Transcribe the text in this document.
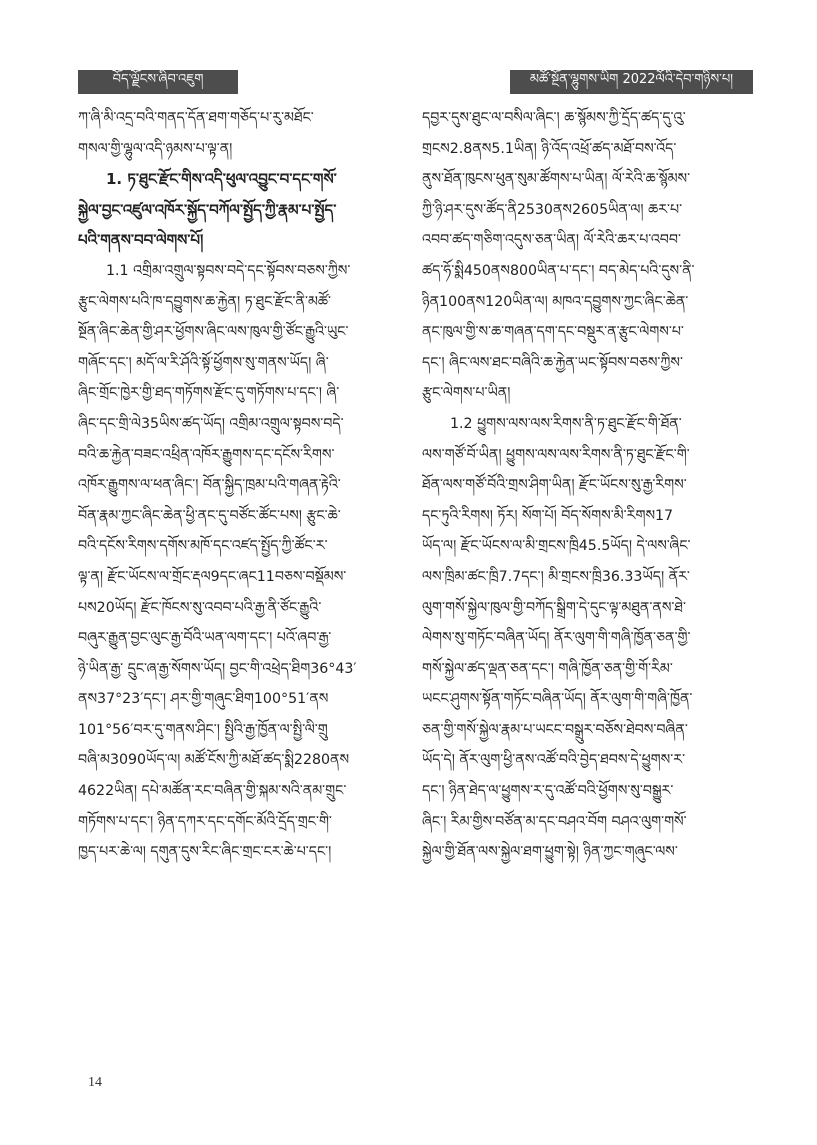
བོད་ལྗོངས་ཞིབ་འཇུག	མཚོ་སྔོན་ལྷུགས་ཡིག 2022ལོའི་དེབ་གཉིས་པ།
ཀ་ཞི་མི་འདྲ་བའི་གནད་དོན་ཐག་གཅོད་པ་རུ་མཐོང་
གསལ་གྱི་ལྷུལ་འདི་ཉམས་པ་ལྟ་ན།
1. ཏ་ཐུང་རྫོང་གིས་འདི་ཕུལ་འབྱུང་བ་དང་གསོ་
སྐྱེལ་བྱང་འཛུལ་འཁོར་སྐྱོད་བཀོལ་སྤྱོད་ཀྱི་རྣམ་པ་སྤྱོད་
པའི་གནས་བབ་ལེགས་པོ།
1.1 འགྲིམ་འགྲུལ་སྟབས་བདེ་དང་སྟོབས་བཅས་ཀྱིས་
རྩུང་ལེགས་པའི་ཁ་དབྱུགས་ཆ་རྐྱེན། ཏ་ཐུང་རྫོང་ནི་མཚོ་
སྔོན་ཞིང་ཆེན་གྱི་ཤར་ཕྱོགས་ཞིང་ལས་ཁུལ་གྱི་ཙོང་རྒྱུའི་ཡུང་
གཞོང་དང་། མདོ་ལ་རི་ཤོའི་སྟོ་ཕྱོགས་སུ་གནས་ཡོད། ཞི་
ཞིང་གྲོང་ཁྱེར་གྱི་ཐད་གཏོགས་རྫོང་དུ་གཏོགས་པ་དང་། ཞི་
ཞིང་དང་གྲི་ལེ35ཡིས་ཚད་ཡོད། འགྲིམ་འགྲུལ་སྟབས་བདེ་
བའི་ཆ་རྐྱེན་བཟང་འཕྲིན་འཁོར་རྒྱུགས་དང་དངོས་རིགས་
འཁོར་རྒྱུགས་ལ་ཕན་ཞིང་། བོན་སྐྱིད་ཁྲམ་པའི་གཞན་རྟེའི་
བོན་རྣམ་ཀྱང་ཞིང་ཆེན་ཕྱི་ནང་དུ་བཙོང་ཚོང་པས། རྩུང་ཆེ་
བའི་དངོས་རིགས་དགོས་མཁོ་དང་འཛད་སྤྱོད་ཀྱི་ཚོང་ར་
ལྟ་ན། རྫོང་ཡོངས་ལ་གྲོང་རྡལ9དང་ཞང11བཅས་བསྡོམས་
པས20ཡོད། རྫོང་ཁོངས་སུ་འབབ་པའི་རྒྱ་ནི་ཙོང་རྒྱུའི་
བཞུར་རྒྱུན་བྱང་ལུང་རྒྱ་བོའི་ཡན་ལག་དང་། པའོ་ཞབ་རྒྱ་
ཉེ་ཡིན་རྒྱ་ དྲུང་ཞ་རྒྱ་སོགས་ཡོད། བྱང་གི་འཕྲེད་ཐིག36°43′
ནས37°23′དང་། ཤར་གྱི་གཞུང་ཐིག100°51′ནས
101°56′བར་དུ་གནས་ཤིང་། སྤྱིའི་རྒྱ་ཁྱོན་ལ་སྤྱི་ལི་གྲུ
བཞི་མ3090ཡོད་ལ། མཚོ་ངོས་ཀྱི་མཐོ་ཚད་སྨི2280ནས
4622ཡིན། དཔེ་མཚོན་རང་བཞིན་གྱི་སྐམ་སའི་ནམ་གྲུང་
གཏོགས་པ་དང་། ཉིན་དཀར་དང་དགོང་མོའི་དྲོད་གྲང་གི་
ཁྱད་པར་ཆེ་ལ། དགུན་དུས་རིང་ཞིང་གྲང་ངར་ཆེ་པ་དང་།
དབྱར་དུས་ཐུང་ལ་བསིལ་ཞིང་། ཆ་སྙོམས་ཀྱི་དྲོད་ཚད་དུ་འུ་
གྲངས2.8ནས5.1ཡིན། ཉི་འོད་འཕྲོ་ཚད་མཐོ་བས་འོད་
ནུས་ཐོན་ཁུངས་ཕུན་སུམ་ཚོགས་པ་ཡིན། ལོ་རེའི་ཆ་སྙོམས་
ཀྱི་ཉི་ཤར་དུས་ཚོད་ནི2530ནས2605ཡིན་ལ། ཆར་པ་
འབབ་ཚད་གཅིག་འདུས་ཅན་ཡིན། ལོ་རེའི་ཆར་པ་འབབ་
ཚད་ཧོ་སྨི450ནས800ཡིན་པ་དང་། བད་མེད་པའི་དུས་ནི་
ཉིན100ནས120ཡིན་ལ། མཁའ་དབྱུགས་ཀྱང་ཞིང་ཆེན་
ནང་ཁུལ་གྱི་ས་ཆ་གཞན་དག་དང་བསྡུར་ན་རྩུང་ལེགས་པ་
དང་། ཞིང་ལས་ཐང་བཞིའི་ཆ་རྐྱེན་ཡང་སྟོབས་བཅས་ཀྱིས་
རྩུང་ལེགས་པ་ཡིན།
1.2 ཕྱུགས་ལས་ལས་རིགས་ནི་ཏ་ཐུང་རྫོང་གི་ཐོན་
ལས་གཙོ་བོ་ཡིན། ཕྱུགས་ལས་ལས་རིགས་ནི་ཏ་ཐུང་རྫོང་གི་
ཐོན་ལས་གཙོ་བོའི་གྲས་ཤིག་ཡིན། རྫོང་ཡོངས་སུ་རྒྱ་རིགས་
དང་ཏུའི་རིགས། ཏོར། སོག་པོ། བོད་སོགས་མི་རིགས17
ཡོད་ལ། རྫོང་ཡོངས་ལ་མི་གྲངས་ཁྲི45.5ཡོད། དེ་ལས་ཞིང་
ལས་ཁྲིམ་ཚང་ཁྲི7.7དང་། མི་གྲངས་ཁྲི36.33ཡོད། ནོར་
ལུག་གསོ་སྐྱེལ་ཁུལ་གྱི་བཀོད་སྒྲིག་དེ་དུང་ལྟ་མཐུན་ནས་ཐེ་
ལེགས་སུ་གཏོང་བཞིན་ཡོད། ནོར་ལུག་གི་གཞི་ཁྱོན་ཅན་གྱི་
གསོ་སྐྱེལ་ཚད་ལྡན་ཅན་དང་། གཞི་ཁྱོན་ཅན་གྱི་གོ་རིམ་
ཡངང་ཤུགས་སྟོན་གཏོང་བཞིན་ཡོད། ནོར་ལུག་གི་གཞི་ཁྱོན་
ཅན་གྱི་གསོ་སྐྱེལ་རྣམ་པ་ཡངང་བསྒྲུར་བཅོས་ཐེབས་བཞིན་
ཡོད་དེ། ནོར་ལུག་ཕྱི་ནས་འཚོ་བའི་བྱེད་ཐབས་དེ་ཕྱུགས་ར་
དང་། ཉིན་ཐེད་ལ་ཕྱུགས་ར་དུ་འཚོ་བའི་ཕྱོགས་སུ་བསྒྱུར་
ཞིང་། རིམ་གྱིས་བཙོན་མ་དང་བཤའ་བོག བཤའ་ལུག་གསོ་
སྐྱེལ་གྱི་ཐོན་ལས་སྐྱེལ་ཐག་ཕྱུག་སྟེ། ཉིན་ཀྱང་གཞུང་ལས་
14
